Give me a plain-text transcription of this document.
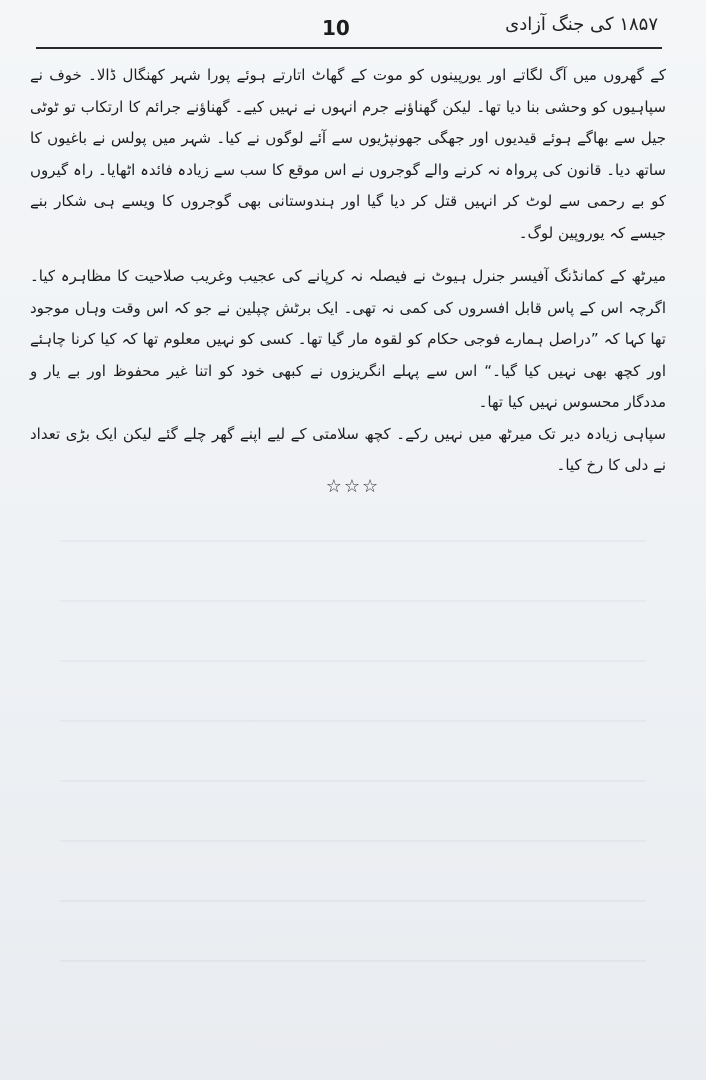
10	۱۸۵۷ کی جنگ آزادی

کے گھروں میں آگ لگاتے اور یورپینوں کو موت کے گھاٹ اتارتے ہوئے پورا شہر کھنگال ڈالا۔ خوف نے سپاہیوں کو وحشی بنا دیا تھا۔ لیکن گھناؤنے جرم انہوں نے نہیں کیے۔ گھناؤنے جرائم کا ارتکاب تو ٹوٹی جیل سے بھاگے ہوئے قیدیوں اور جھگی جھونپڑیوں سے آئے لوگوں نے کیا۔ شہر میں پولس نے باغیوں کا ساتھ دیا۔ قانون کی پرواہ نہ کرنے والے گوجروں نے اس موقع کا سب سے زیادہ فائدہ اٹھایا۔ راہ گیروں کو بے رحمی سے لوٹ کر انہیں قتل کر دیا گیا اور ہندوستانی بھی گوجروں کا ویسے ہی شکار بنے جیسے کہ یوروپین لوگ۔

میرٹھ کے کمانڈنگ آفیسر جنرل ہیوٹ نے فیصلہ نہ کرپانے کی عجیب وغریب صلاحیت کا مظاہرہ کیا۔ اگرچہ اس کے پاس قابل افسروں کی کمی نہ تھی۔ ایک برٹش چپلین نے جو کہ اس وقت وہاں موجود تھا کہا کہ ”دراصل ہمارے فوجی حکام کو لقوہ مار گیا تھا۔ کسی کو نہیں معلوم تھا کہ کیا کرنا چاہئے اور کچھ بھی نہیں کیا گیا۔“ اس سے پہلے انگریزوں نے کبھی خود کو اتنا غیر محفوظ اور بے یار و مددگار محسوس نہیں کیا تھا۔

سپاہی زیادہ دیر تک میرٹھ میں نہیں رکے۔ کچھ سلامتی کے لیے اپنے گھر چلے گئے لیکن ایک بڑی تعداد نے دلی کا رخ کیا۔

☆☆☆
